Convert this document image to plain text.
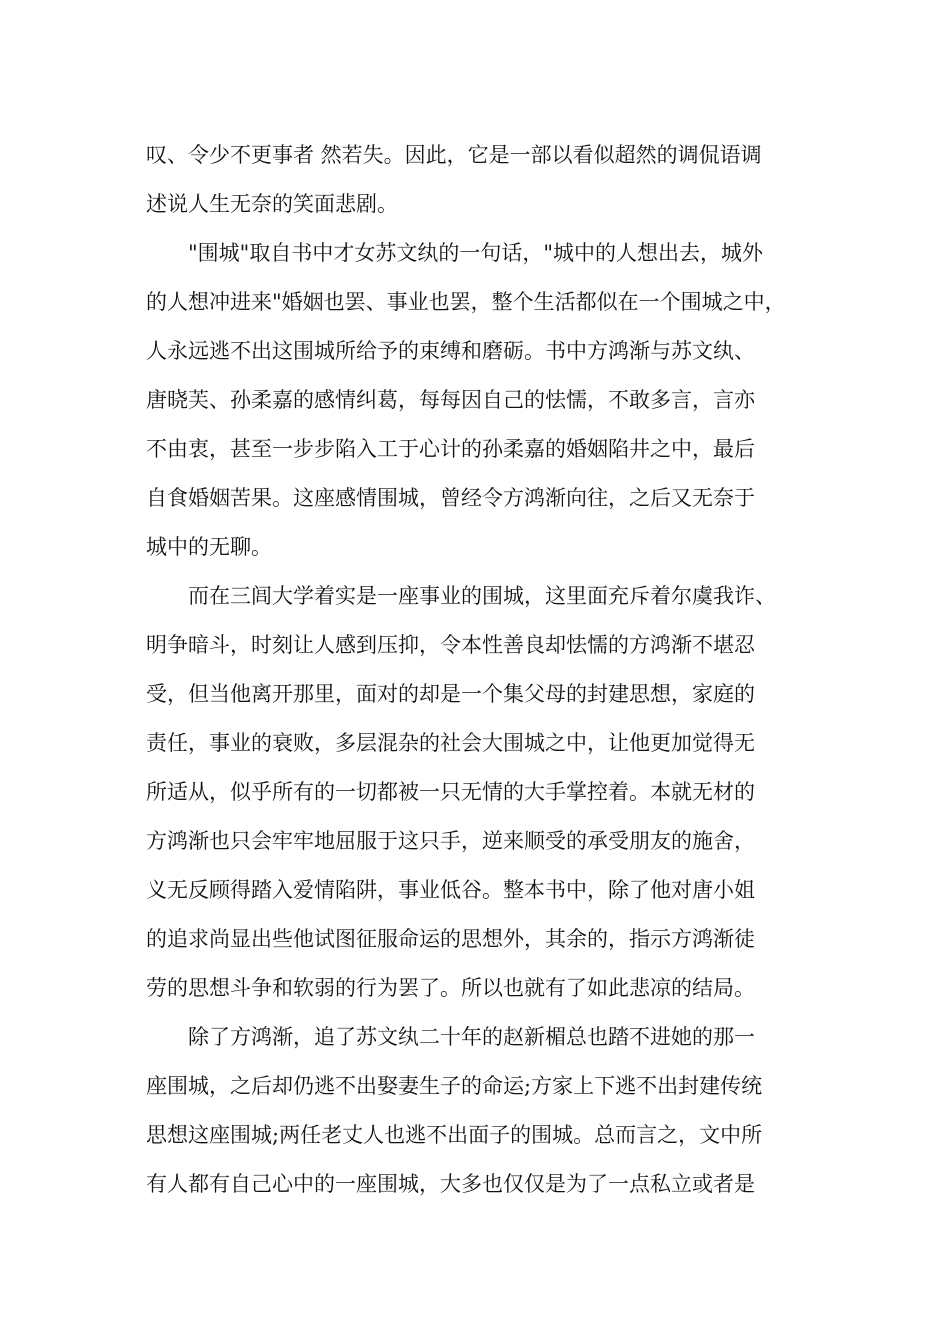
叹、令少不更事者 然若失。因此，它是一部以看似超然的调侃语调
述说人生无奈的笑面悲剧。
"围城"取自书中才女苏文纨的一句话，"城中的人想出去，城外
的人想冲进来"婚姻也罢、事业也罢，整个生活都似在一个围城之中，
人永远逃不出这围城所给予的束缚和磨砺。书中方鸿渐与苏文纨、
唐晓芙、孙柔嘉的感情纠葛，每每因自己的怯懦，不敢多言，言亦
不由衷，甚至一步步陷入工于心计的孙柔嘉的婚姻陷井之中，最后
自食婚姻苦果。这座感情围城，曾经令方鸿渐向往，之后又无奈于
城中的无聊。
而在三闾大学着实是一座事业的围城，这里面充斥着尔虞我诈、
明争暗斗，时刻让人感到压抑，令本性善良却怯懦的方鸿渐不堪忍
受，但当他离开那里，面对的却是一个集父母的封建思想，家庭的
责任，事业的衰败，多层混杂的社会大围城之中，让他更加觉得无
所适从，似乎所有的一切都被一只无情的大手掌控着。本就无材的
方鸿渐也只会牢牢地屈服于这只手，逆来顺受的承受朋友的施舍，
义无反顾得踏入爱情陷阱，事业低谷。整本书中，除了他对唐小姐
的追求尚显出些他试图征服命运的思想外，其余的，指示方鸿渐徒
劳的思想斗争和软弱的行为罢了。所以也就有了如此悲凉的结局。
除了方鸿渐，追了苏文纨二十年的赵新楣总也踏不进她的那一
座围城，之后却仍逃不出娶妻生子的命运;方家上下逃不出封建传统
思想这座围城;两任老丈人也逃不出面子的围城。总而言之，文中所
有人都有自己心中的一座围城，大多也仅仅是为了一点私立或者是
